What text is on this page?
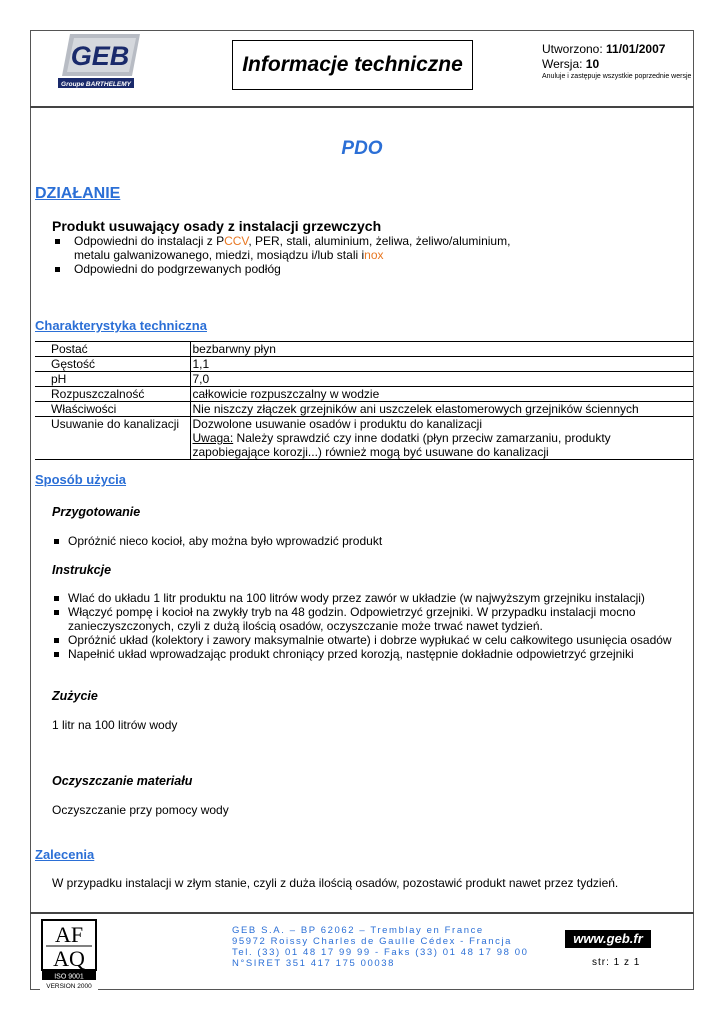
GEB
Groupe BARTHELEMY
Informacje techniczne
Utworzono: 11/01/2007
Wersja: 10
Anuluje i zastępuje wszystkie poprzednie wersje
PDO
DZIAŁANIE
Produkt usuwający osady z instalacji grzewczych
Odpowiedni do instalacji z PCCV, PER, stali, aluminium, żeliwa, żeliwo/aluminium,
metalu galwanizowanego, miedzi, mosiądzu i/lub stali inox
Odpowiedni do podgrzewanych podłóg
Charakterystyka techniczna
Postać	bezbarwny płyn
Gęstość	1,1
pH	7,0
Rozpuszczalność	całkowicie rozpuszczalny w wodzie
Właściwości	Nie niszczy złączek grzejników ani uszczelek elastomerowych grzejników ściennych
Usuwanie do kanalizacji	Dozwolone usuwanie osadów i produktu do kanalizacji
Uwaga: Należy sprawdzić czy inne dodatki (płyn przeciw zamarzaniu, produkty
zapobiegające korozji...) również mogą być usuwane do kanalizacji
Sposób użycia
Przygotowanie
Opróżnić nieco kocioł, aby można było wprowadzić produkt
Instrukcje
Wlać do układu 1 litr produktu na 100 litrów wody przez zawór w układzie (w najwyższym grzejniku instalacji)
Włączyć pompę i kocioł na zwykły tryb na 48 godzin. Odpowietrzyć grzejniki. W przypadku instalacji mocno
zanieczyszczonych, czyli z dużą ilością osadów, oczyszczanie może trwać nawet tydzień.
Opróżnić układ (kolektory i zawory maksymalnie otwarte) i dobrze wypłukać w celu całkowitego usunięcia osadów
Napełnić układ wprowadzając produkt chroniący przed korozją, następnie dokładnie odpowietrzyć grzejniki
Zużycie
1 litr na 100 litrów wody
Oczyszczanie materiału
Oczyszczanie przy pomocy wody
Zalecenia
W przypadku instalacji w złym stanie, czyli z duża ilością osadów, pozostawić produkt nawet przez tydzień.
AF
AQ
ISO 9001
VERSION 2000
GEB S.A. – BP 62062 – Tremblay en France
95972 Roissy Charles de Gaulle Cédex - Francja
Tel. (33) 01 48 17 99 99 - Faks (33) 01 48 17 98 00
N°SIRET 351 417 175 00038
www.geb.fr
str: 1 z 1
